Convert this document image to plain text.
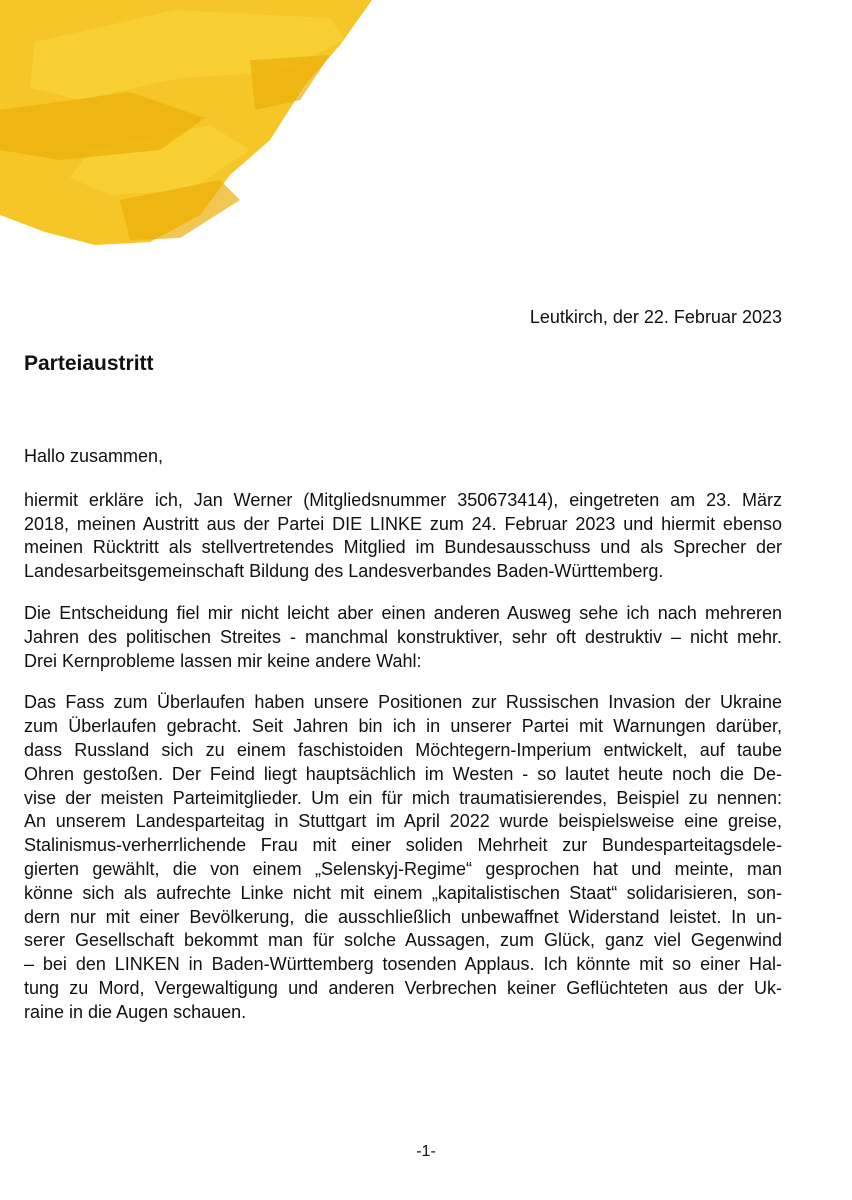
Leutkirch, der 22. Februar 2023
Parteiaustritt

Hallo zusammen,

hiermit erkläre ich, Jan Werner (Mitgliedsnummer 350673414), eingetreten am 23. März
2018, meinen Austritt aus der Partei DIE LINKE zum 24. Februar 2023 und hiermit ebenso
meinen Rücktritt als stellvertretendes Mitglied im Bundesausschuss und als Sprecher der
Landesarbeitsgemeinschaft Bildung des Landesverbandes Baden-Württemberg.

Die Entscheidung fiel mir nicht leicht aber einen anderen Ausweg sehe ich nach mehreren
Jahren des politischen Streites - manchmal konstruktiver, sehr oft destruktiv – nicht mehr.
Drei Kernprobleme lassen mir keine andere Wahl:

Das Fass zum Überlaufen haben unsere Positionen zur Russischen Invasion der Ukraine
zum Überlaufen gebracht. Seit Jahren bin ich in unserer Partei mit Warnungen darüber,
dass Russland sich zu einem faschistoiden Möchtegern-Imperium entwickelt, auf taube
Ohren gestoßen. Der Feind liegt hauptsächlich im Westen - so lautet heute noch die De-
vise der meisten Parteimitglieder. Um ein für mich traumatisierendes, Beispiel zu nennen:
An unserem Landesparteitag in Stuttgart im April 2022 wurde beispielsweise eine greise,
Stalinismus-verherrlichende Frau mit einer soliden Mehrheit zur Bundesparteitagsdele-
gierten gewählt, die von einem „Selenskyj-Regime“ gesprochen hat und meinte, man
könne sich als aufrechte Linke nicht mit einem „kapitalistischen Staat“ solidarisieren, son-
dern nur mit einer Bevölkerung, die ausschließlich unbewaffnet Widerstand leistet. In un-
serer Gesellschaft bekommt man für solche Aussagen, zum Glück, ganz viel Gegenwind
– bei den LINKEN in Baden-Württemberg tosenden Applaus. Ich könnte mit so einer Hal-
tung zu Mord, Vergewaltigung und anderen Verbrechen keiner Geflüchteten aus der Uk-
raine in die Augen schauen.

-1-
